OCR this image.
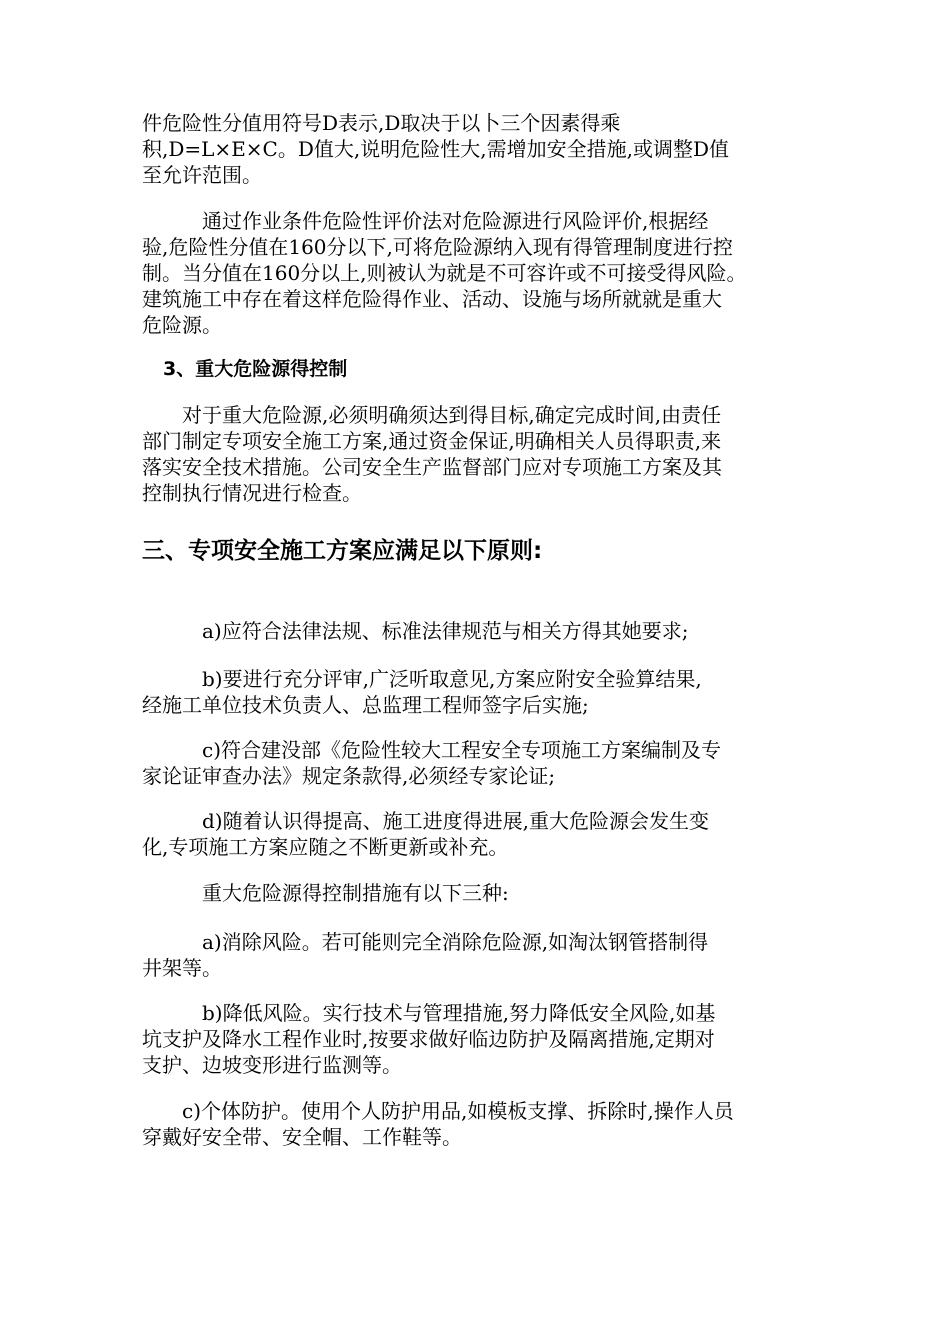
件危险性分值用符号D表示,D取决于以卜三个因素得乘
积,D=L×E×C。D值大,说明危险性大,需增加安全措施,或调整D值
至允许范围。

　　　通过作业条件危险性评价法对危险源进行风险评价,根据经
验,危险性分值在160分以下,可将危险源纳入现有得管理制度进行控
制。当分值在160分以上,则被认为就是不可容许或不可接受得风险。
建筑施工中存在着这样危险得作业、活动、设施与场所就就是重大
危险源。

3、重大危险源得控制

　　对于重大危险源,必须明确须达到得目标,确定完成时间,由责任
部门制定专项安全施工方案,通过资金保证,明确相关人员得职责,来
落实安全技术措施。公司安全生产监督部门应对专项施工方案及其
控制执行情况进行检查。

三、专项安全施工方案应满足以下原则:

　　　a)应符合法律法规、标准法律规范与相关方得其她要求;

　　　b)要进行充分评审,广泛听取意见,方案应附安全验算结果,
经施工单位技术负责人、总监理工程师签字后实施;

　　　c)符合建没部《危险性较大工程安全专项施工方案编制及专
家论证审查办法》规定条款得,必须经专家论证;

　　　d)随着认识得提高、施工进度得进展,重大危险源会发生变
化,专项施工方案应随之不断更新或补充。

　　　重大危险源得控制措施有以下三种:

　　　a)消除风险。若可能则完全消除危险源,如淘汰钢管搭制得
井架等。

　　　b)降低风险。实行技术与管理措施,努力降低安全风险,如基
坑支护及降水工程作业时,按要求做好临边防护及隔离措施,定期对
支护、边坡变形进行监测等。

　　c)个体防护。使用个人防护用品,如模板支撑、拆除时,操作人员
穿戴好安全带、安全帽、工作鞋等。
